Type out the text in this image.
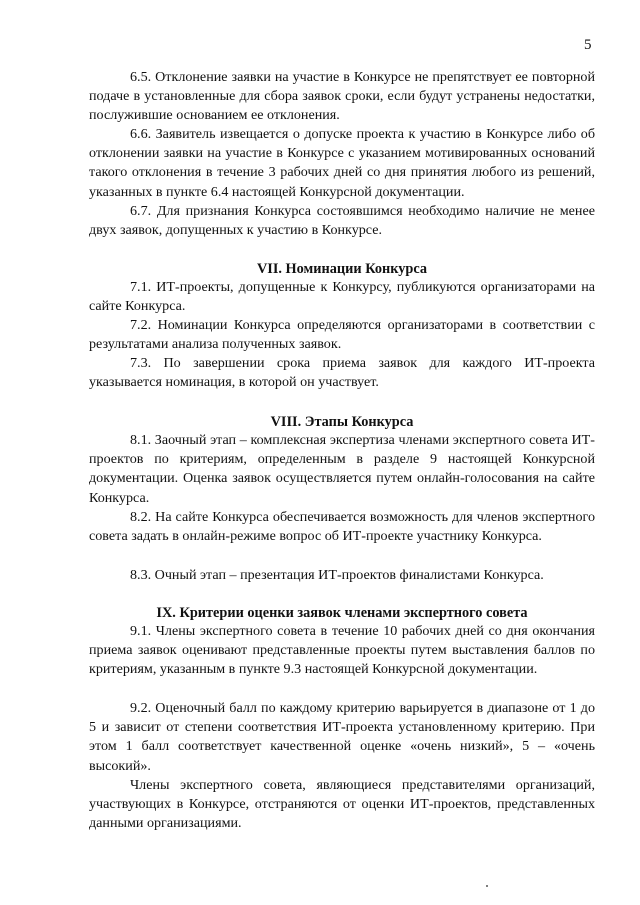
5

6.5. Отклонение заявки на участие в Конкурсе не препятствует ее повторной подаче в установленные для сбора заявок сроки, если будут устранены недостатки, послужившие основанием ее отклонения.

6.6. Заявитель извещается о допуске проекта к участию в Конкурсе либо об отклонении заявки на участие в Конкурсе с указанием мотивированных оснований такого отклонения в течение 3 рабочих дней со дня принятия любого из решений, указанных в пункте 6.4 настоящей Конкурсной документации.

6.7. Для признания Конкурса состоявшимся необходимо наличие не менее двух заявок, допущенных к участию в Конкурсе.

VII. Номинации Конкурса

7.1. ИТ-проекты, допущенные к Конкурсу, публикуются организаторами на сайте Конкурса.

7.2. Номинации Конкурса определяются организаторами в соответствии с результатами анализа полученных заявок.

7.3. По завершении срока приема заявок для каждого ИТ-проекта указывается номинация, в которой он участвует.

VIII. Этапы Конкурса

8.1. Заочный этап – комплексная экспертиза членами экспертного совета ИТ-проектов по критериям, определенным в разделе 9 настоящей Конкурсной документации. Оценка заявок осуществляется путем онлайн-голосования на сайте Конкурса.

8.2. На сайте Конкурса обеспечивается возможность для членов экспертного совета задать в онлайн-режиме вопрос об ИТ-проекте участнику Конкурса.

8.3. Очный этап – презентация ИТ-проектов финалистами Конкурса.

IX. Критерии оценки заявок членами экспертного совета

9.1. Члены экспертного совета в течение 10 рабочих дней со дня окончания приема заявок оценивают представленные проекты путем выставления баллов по критериям, указанным в пункте 9.3 настоящей Конкурсной документации.

9.2. Оценочный балл по каждому критерию варьируется в диапазоне от 1 до 5 и зависит от степени соответствия ИТ-проекта установленному критерию. При этом 1 балл соответствует качественной оценке «очень низкий», 5 – «очень высокий».

Члены экспертного совета, являющиеся представителями организаций, участвующих в Конкурсе, отстраняются от оценки ИТ-проектов, представленных данными организациями.
